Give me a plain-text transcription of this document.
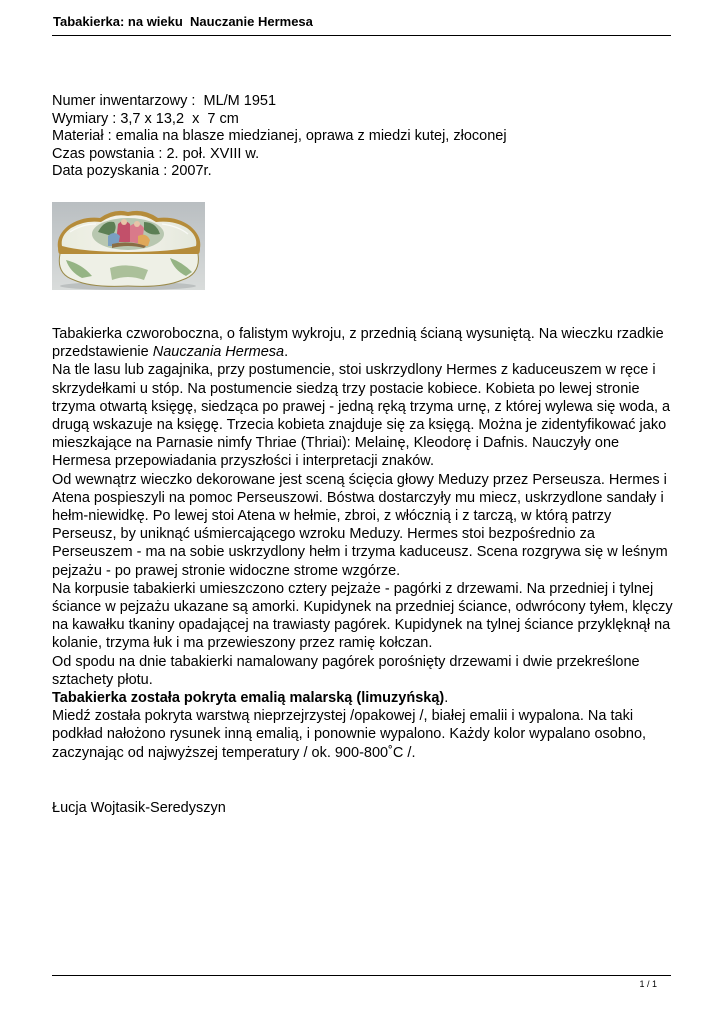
Tabakierka: na wieku  Nauczanie Hermesa
Numer inwentarzowy :  ML/M 1951
Wymiary : 3,7 x 13,2  x  7 cm
Materiał : emalia na blasze miedzianej, oprawa z miedzi kutej, złoconej
Czas powstania : 2. poł. XVIII w.
Data pozyskania : 2007r.

Tabakierka czworoboczna, o falistym wykroju, z przednią ścianą wysuniętą. Na wieczku rzadkie przedstawienie Nauczania Hermesa.

Na tle lasu lub zagajnika, przy postumencie, stoi uskrzydlony Hermes z kaduceuszem w ręce i skrzydełkami u stóp. Na postumencie siedzą trzy postacie kobiece. Kobieta po lewej stronie trzyma otwartą księgę, siedząca po prawej - jedną ręką trzyma urnę, z której wylewa się woda, a drugą wskazuje na księgę. Trzecia kobieta znajduje się za księgą. Można je zidentyfikować jako mieszkające na Parnasie nimfy Thriae (Thriai): Melainę, Kleodorę i Dafnis. Nauczyły one Hermesa przepowiadania przyszłości i interpretacji znaków.

Od wewnątrz wieczko dekorowane jest sceną ścięcia głowy Meduzy przez Perseusza. Hermes i Atena pospieszyli na pomoc Perseuszowi. Bóstwa dostarczyły mu miecz, uskrzydlone sandały i hełm-niewidkę. Po lewej stoi Atena w hełmie, zbroi, z włócznią i z tarczą, w którą patrzy Perseusz, by uniknąć uśmiercającego wzroku Meduzy. Hermes stoi bezpośrednio za Perseuszem - ma na sobie uskrzydlony hełm i trzyma kaduceusz. Scena rozgrywa się w leśnym pejzażu - po prawej stronie widoczne strome wzgórze.

Na korpusie tabakierki umieszczono cztery pejzaże - pagórki z drzewami. Na przedniej i tylnej ściance w pejzażu ukazane są amorki. Kupidynek na przedniej ściance, odwrócony tyłem, klęczy na kawałku tkaniny opadającej na trawiasty pagórek. Kupidynek na tylnej ściance przyklęknął na kolanie, trzyma łuk i ma przewieszony przez ramię kołczan.

Od spodu na dnie tabakierki namalowany pagórek porośnięty drzewami i dwie przekreślone sztachety płotu.

Tabakierka została pokryta emalią malarską (limuzyńską).

Miedź została pokryta warstwą nieprzejrzystej /opakowej /, białej emalii i wypalona. Na taki podkład nałożono rysunek inną emalią, i ponownie wypalono. Każdy kolor wypalano osobno, zaczynając od najwyższej temperatury / ok. 900-800˚C /.

Łucja Wojtasik-Seredyszyn
1 / 1
